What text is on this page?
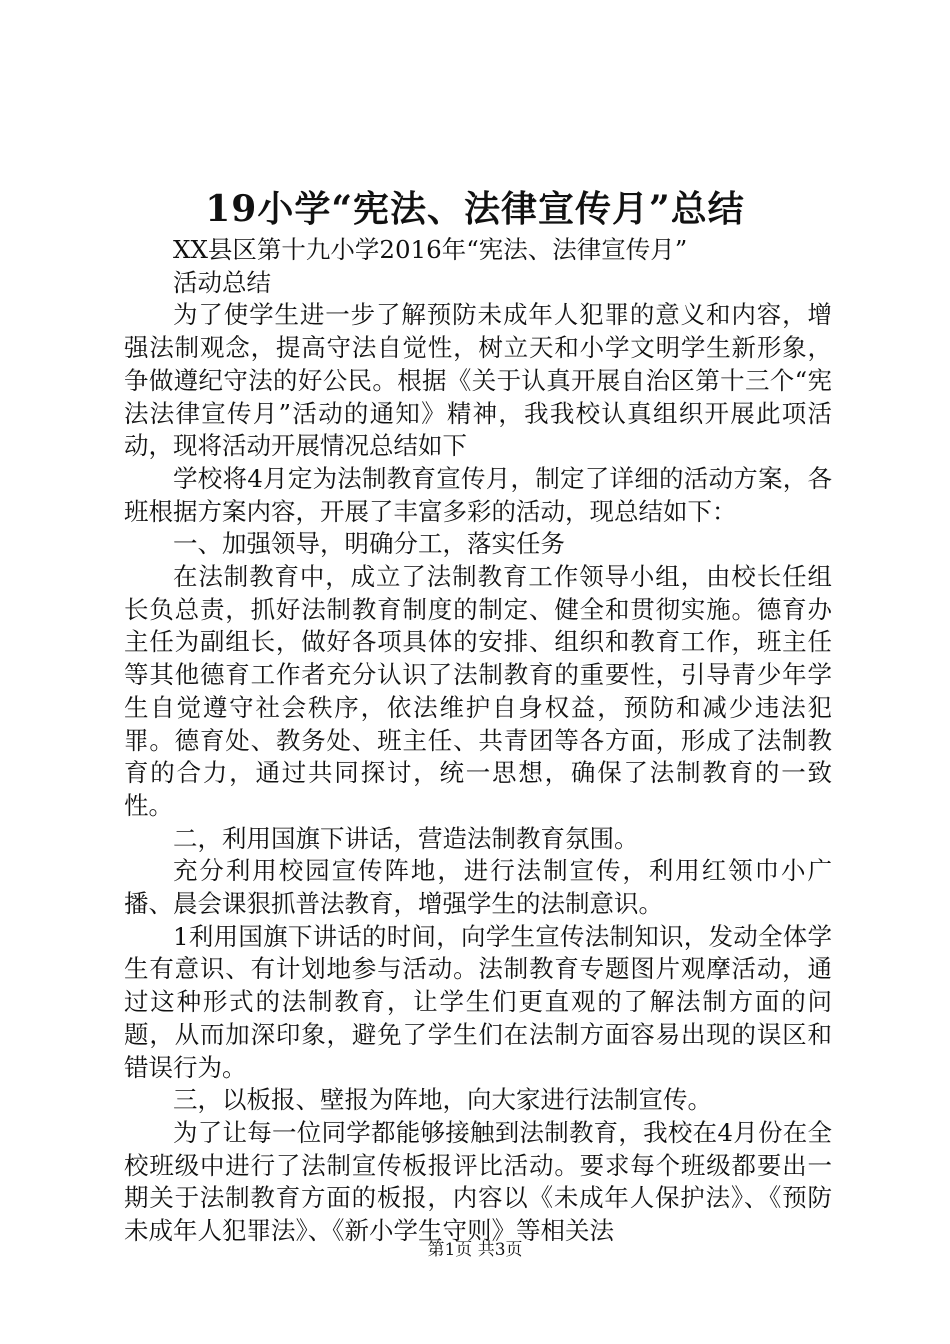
19小学“宪法、法律宣传月”总结

XX县区第十九小学2016年“宪法、法律宣传月”

活动总结

为了使学生进一步了解预防未成年人犯罪的意义和内容，增强法制观念，提高守法自觉性，树立天和小学文明学生新形象，争做遵纪守法的好公民。根据《关于认真开展自治区第十三个“宪法法律宣传月”活动的通知》精神，我我校认真组织开展此项活动，现将活动开展情况总结如下

学校将4月定为法制教育宣传月，制定了详细的活动方案，各班根据方案内容，开展了丰富多彩的活动，现总结如下：

一、加强领导，明确分工，落实任务

在法制教育中，成立了法制教育工作领导小组，由校长任组长负总责，抓好法制教育制度的制定、健全和贯彻实施。德育办主任为副组长，做好各项具体的安排、组织和教育工作，班主任等其他德育工作者充分认识了法制教育的重要性，引导青少年学生自觉遵守社会秩序，依法维护自身权益，预防和减少违法犯罪。德育处、教务处、班主任、共青团等各方面，形成了法制教育的合力，通过共同探讨，统一思想，确保了法制教育的一致性。

二，利用国旗下讲话，营造法制教育氛围。

充分利用校园宣传阵地，进行法制宣传，利用红领巾小广播、晨会课狠抓普法教育，增强学生的法制意识。

1利用国旗下讲话的时间，向学生宣传法制知识，发动全体学生有意识、有计划地参与活动。法制教育专题图片观摩活动，通过这种形式的法制教育，让学生们更直观的了解法制方面的问题，从而加深印象，避免了学生们在法制方面容易出现的误区和错误行为。

三，以板报、壁报为阵地，向大家进行法制宣传。

为了让每一位同学都能够接触到法制教育，我校在4月份在全校班级中进行了法制宣传板报评比活动。要求每个班级都要出一期关于法制教育方面的板报，内容以《未成年人保护法》、《预防未成年人犯罪法》、《新小学生守则》等相关法

第1页 共3页
